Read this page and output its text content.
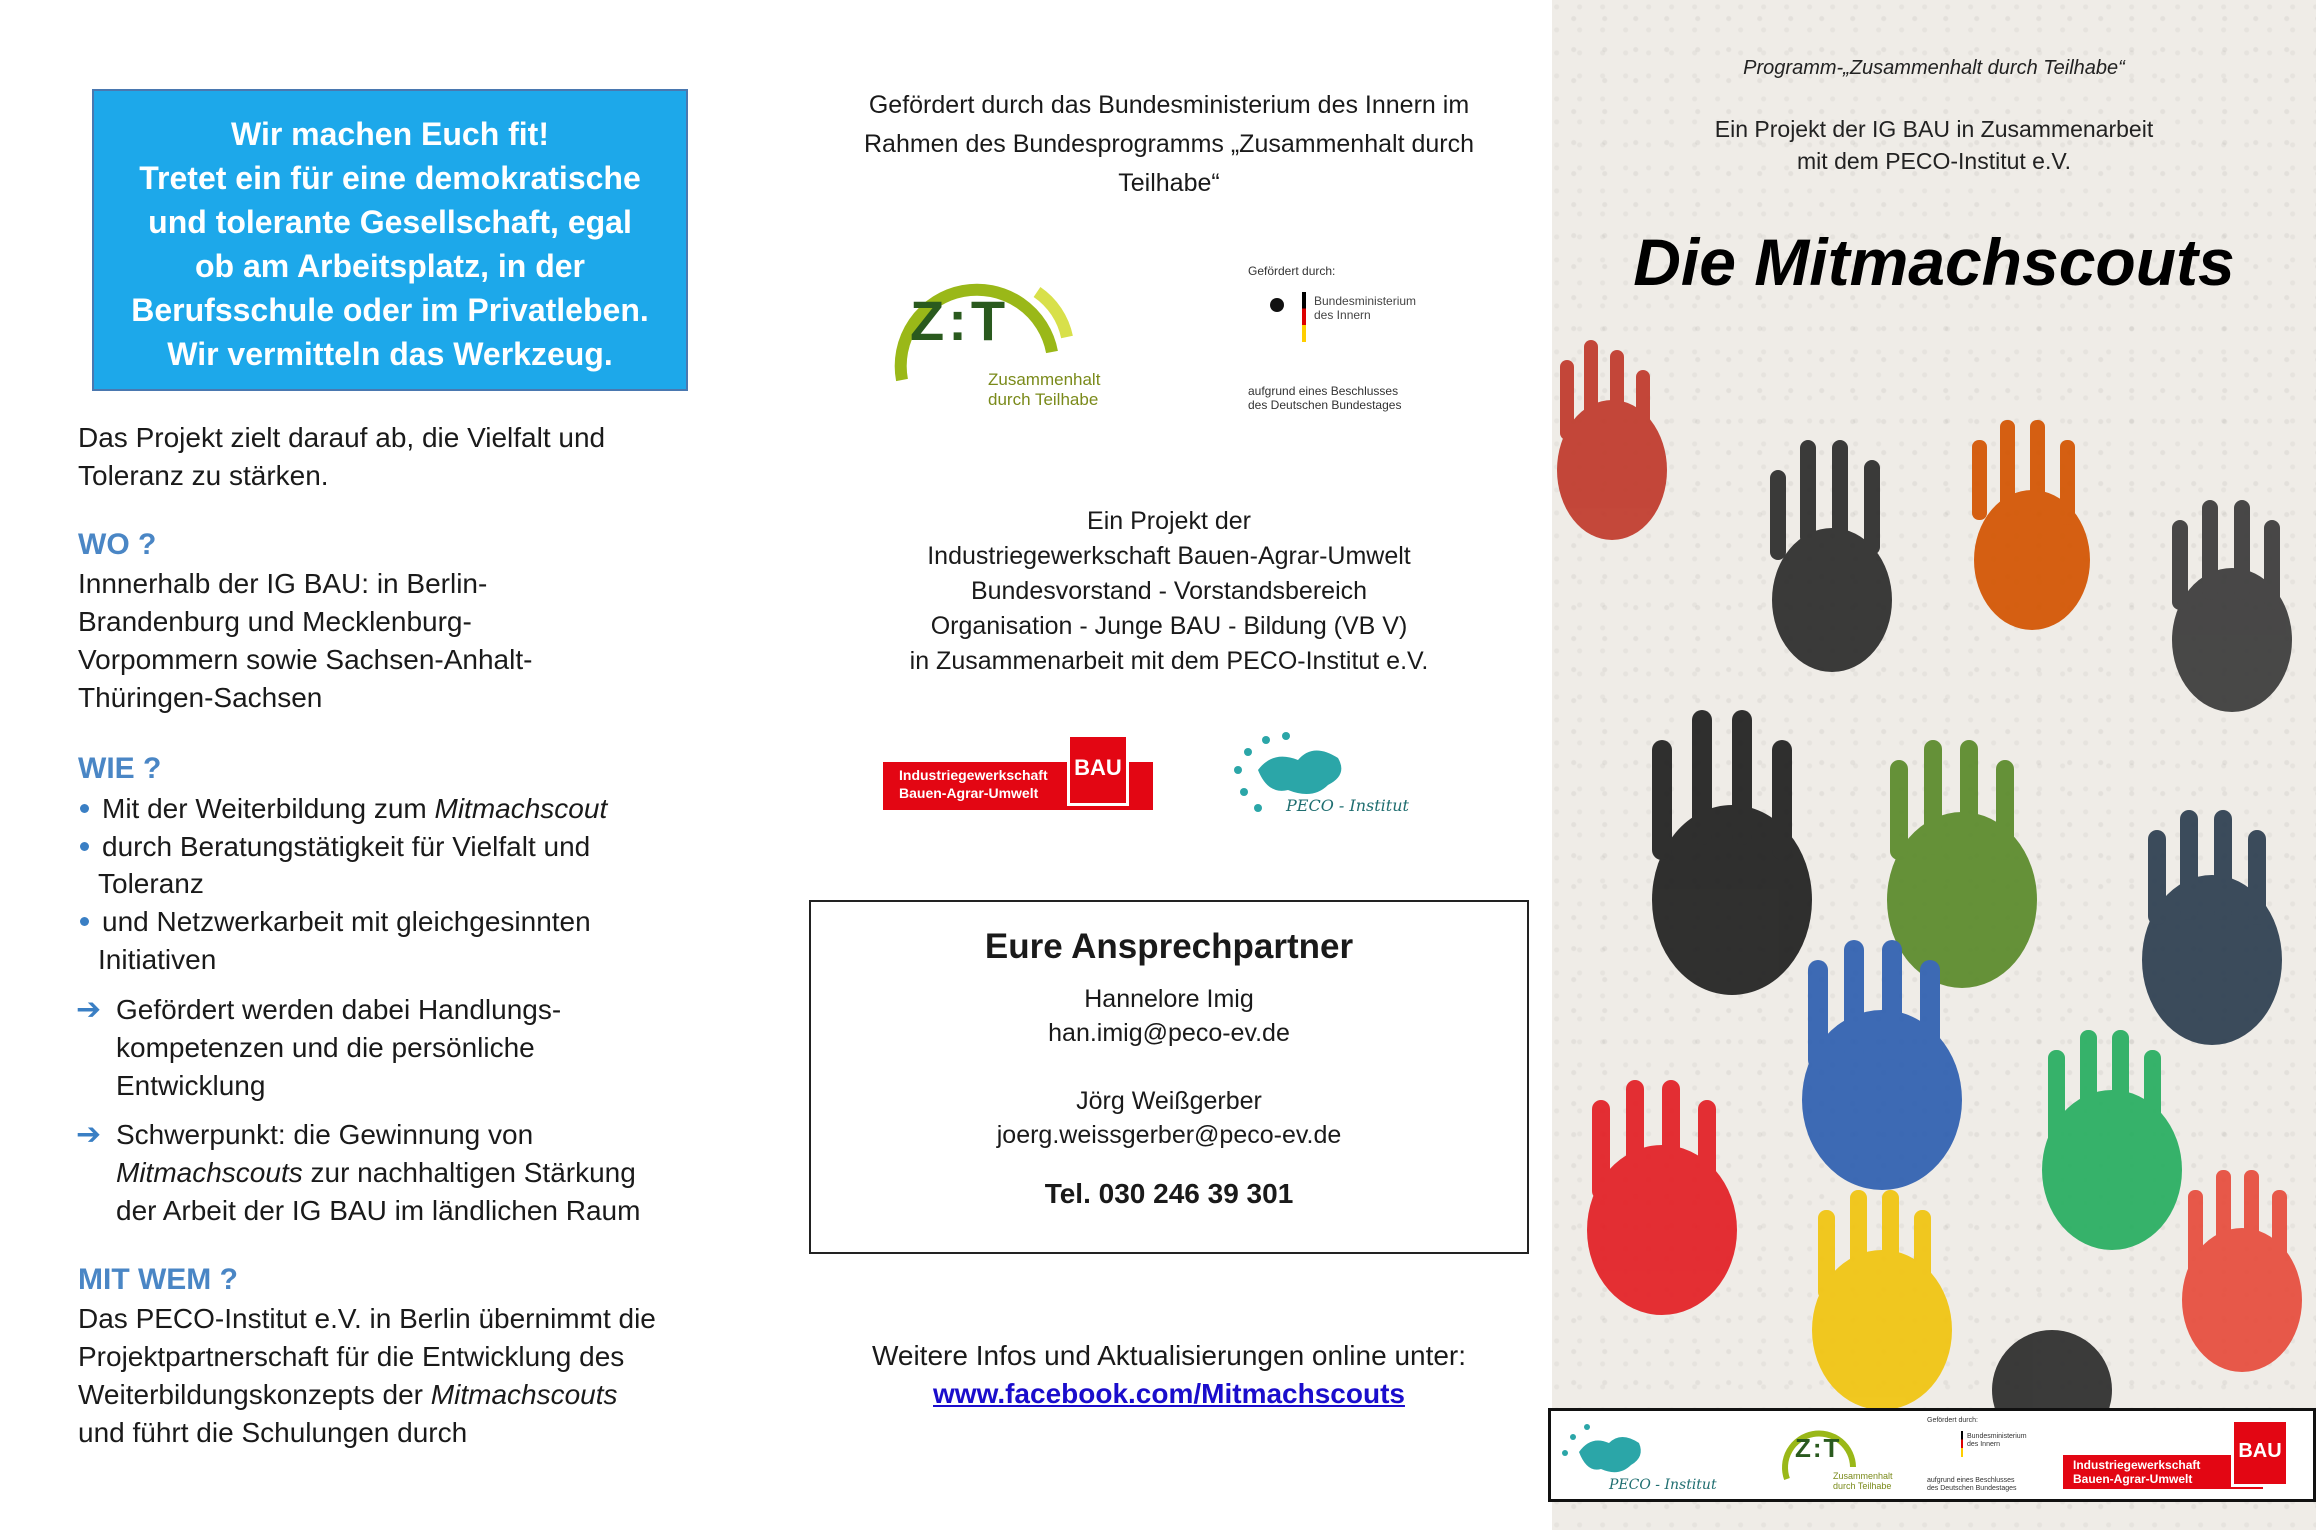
Wir machen Euch fit!
Tretet ein für eine demokratische
und tolerante Gesellschaft, egal
ob am Arbeitsplatz, in der
Berufsschule oder im Privatleben.
Wir vermitteln das Werkzeug.
Das Projekt zielt darauf ab, die Vielfalt und
Toleranz zu stärken.
WO ?
Innnerhalb der IG BAU: in Berlin-
Brandenburg und Mecklenburg-
Vorpommern sowie Sachsen-Anhalt-
Thüringen-Sachsen
WIE ?
Mit der Weiterbildung zum Mitmachscout
durch Beratungstätigkeit für Vielfalt und
Toleranz
und Netzwerkarbeit mit gleichgesinnten
Initiativen
➔ Gefördert werden dabei Handlungs-
kompetenzen und die persönliche
Entwicklung
➔ Schwerpunkt: die Gewinnung von
Mitmachscouts zur nachhaltigen Stärkung
der Arbeit der IG BAU im ländlichen Raum
MIT WEM ?
Das PECO-Institut e.V. in Berlin übernimmt die
Projektpartnerschaft für die Entwicklung des
Weiterbildungskonzepts der Mitmachscouts
und führt die Schulungen durch
Gefördert durch das Bundesministerium des Innern im
Rahmen des Bundesprogramms „Zusammenhalt durch
Teilhabe“
Z:T
Zusammenhalt
durch Teilhabe
Gefördert durch:
Bundesministerium
des Innern
aufgrund eines Beschlusses
des Deutschen Bundestages
Ein Projekt der
Industriegewerkschaft Bauen-Agrar-Umwelt
Bundesvorstand - Vorstandsbereich
Organisation - Junge BAU - Bildung (VB V)
in Zusammenarbeit mit dem PECO-Institut e.V.
Industriegewerkschaft
Bauen-Agrar-Umwelt
BAU
PECO - Institut
Eure Ansprechpartner
Hannelore Imig
han.imig@peco-ev.de
Jörg Weißgerber
joerg.weissgerber@peco-ev.de
Tel. 030 246 39 301
Weitere Infos und Aktualisierungen online unter:
www.facebook.com/Mitmachscouts
Programm-„Zusammenhalt durch Teilhabe“
Ein Projekt der IG BAU in Zusammenarbeit
mit dem PECO-Institut e.V.
Die Mitmachscouts
PECO - Institut
Z:T
Zusammenhalt
durch Teilhabe
Gefördert durch:
Bundesministerium
des Innern
aufgrund eines Beschlusses
des Deutschen Bundestages
Industriegewerkschaft
Bauen-Agrar-Umwelt
BAU
